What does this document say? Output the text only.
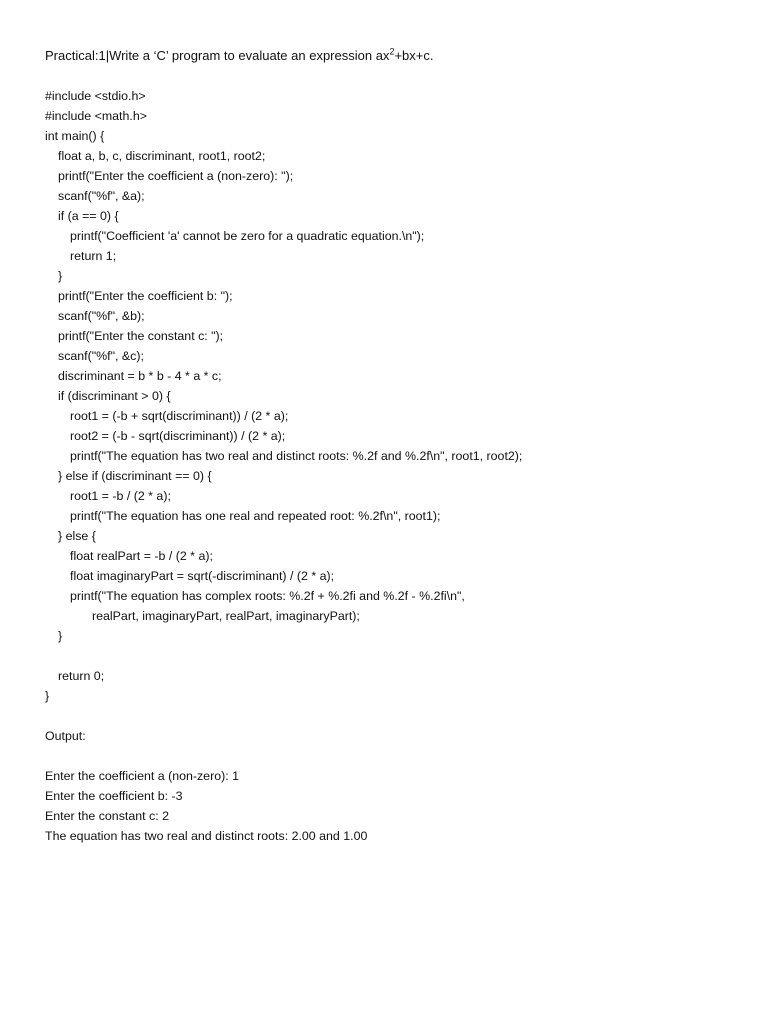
Practical:1|Write a ‘C’ program to evaluate an expression $ax^2+bx+c$.
#include <stdio.h>
#include <math.h>
int main() {
float a, b, c, discriminant, root1, root2;
printf("Enter the coefficient a (non-zero): ");
scanf("%f", &a);
if (a == 0) {
printf("Coefficient 'a' cannot be zero for a quadratic equation.\n");
return 1;
}
printf("Enter the coefficient b: ");
scanf("%f", &b);
printf("Enter the constant c: ");
scanf("%f", &c);
discriminant = b * b - 4 * a * c;
if (discriminant > 0) {
root1 = (-b + sqrt(discriminant)) / (2 * a);
root2 = (-b - sqrt(discriminant)) / (2 * a);
printf("The equation has two real and distinct roots: %.2f and %.2f\n", root1, root2);
} else if (discriminant == 0) {
root1 = -b / (2 * a);
printf("The equation has one real and repeated root: %.2f\n", root1);
} else {
float realPart = -b / (2 * a);
float imaginaryPart = sqrt(-discriminant) / (2 * a);
printf("The equation has complex roots: %.2f + %.2fi and %.2f - %.2fi\n",
realPart, imaginaryPart, realPart, imaginaryPart);
}
return 0;
}
Output:
Enter the coefficient a (non-zero): 1
Enter the coefficient b: -3
Enter the constant c: 2
The equation has two real and distinct roots: 2.00 and 1.00
